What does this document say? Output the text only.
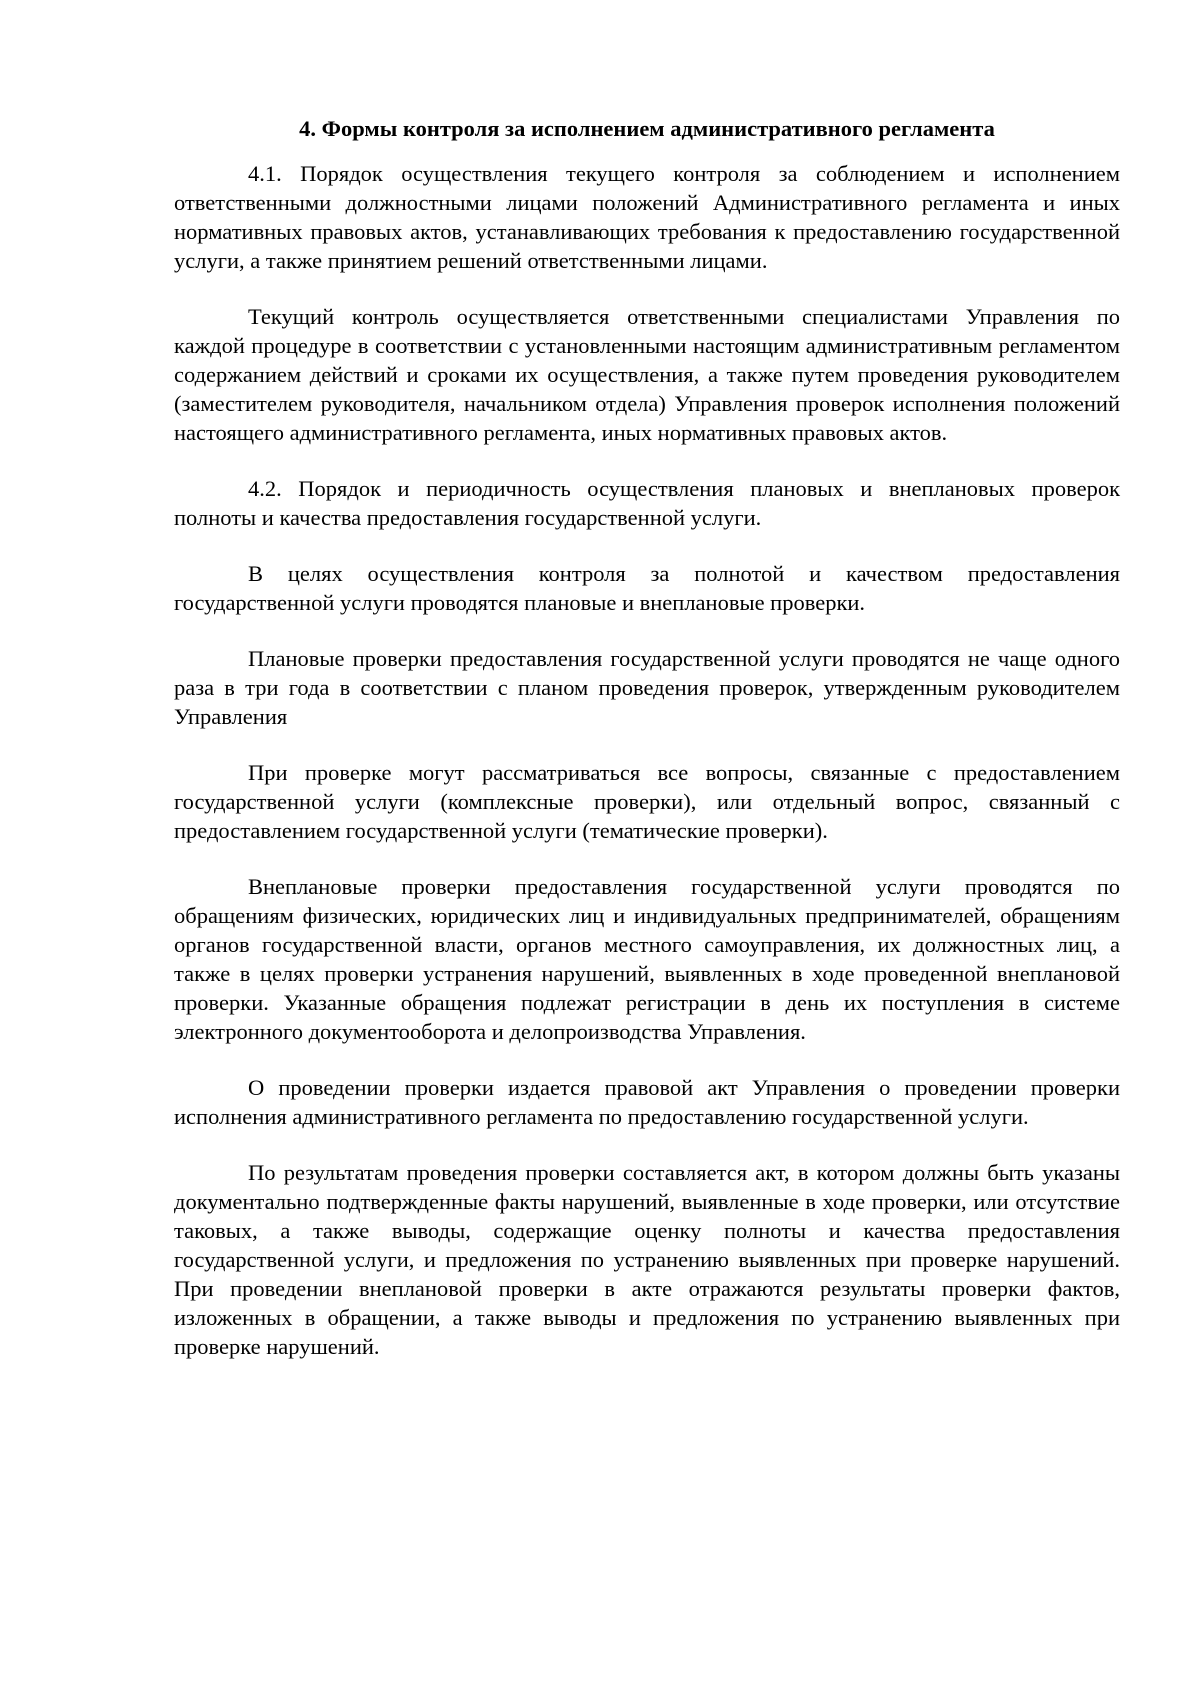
4. Формы контроля за исполнением административного регламента

4.1. Порядок осуществления текущего контроля за соблюдением и исполнением ответственными должностными лицами положений Административного регламента и иных нормативных правовых актов, устанавливающих требования к предоставлению государственной услуги, а также принятием решений ответственными лицами.

Текущий контроль осуществляется ответственными специалистами Управления по каждой процедуре в соответствии с установленными настоящим административным регламентом содержанием действий и сроками их осуществления, а также путем проведения руководителем (заместителем руководителя, начальником отдела) Управления проверок исполнения положений настоящего административного регламента, иных нормативных правовых актов.

4.2. Порядок и периодичность осуществления плановых и внеплановых проверок полноты и качества предоставления государственной услуги.

В целях осуществления контроля за полнотой и качеством предоставления государственной услуги проводятся плановые и внеплановые проверки.

Плановые проверки предоставления государственной услуги проводятся не чаще одного раза в три года в соответствии с планом проведения проверок, утвержденным руководителем Управления

При проверке могут рассматриваться все вопросы, связанные с предоставлением государственной услуги (комплексные проверки), или отдельный вопрос, связанный с предоставлением государственной услуги (тематические проверки).

Внеплановые проверки предоставления государственной услуги проводятся по обращениям физических, юридических лиц и индивидуальных предпринимателей, обращениям органов государственной власти, органов местного самоуправления, их должностных лиц, а также в целях проверки устранения нарушений, выявленных в ходе проведенной внеплановой проверки. Указанные обращения подлежат регистрации в день их поступления в системе электронного документооборота и делопроизводства Управления.

О проведении проверки издается правовой акт Управления о проведении проверки исполнения административного регламента по предоставлению государственной услуги.

По результатам проведения проверки составляется акт, в котором должны быть указаны документально подтвержденные факты нарушений, выявленные в ходе проверки, или отсутствие таковых, а также выводы, содержащие оценку полноты и качества предоставления государственной услуги, и предложения по устранению выявленных при проверке нарушений. При проведении внеплановой проверки в акте отражаются результаты проверки фактов, изложенных в обращении, а также выводы и предложения по устранению выявленных при проверке нарушений.
